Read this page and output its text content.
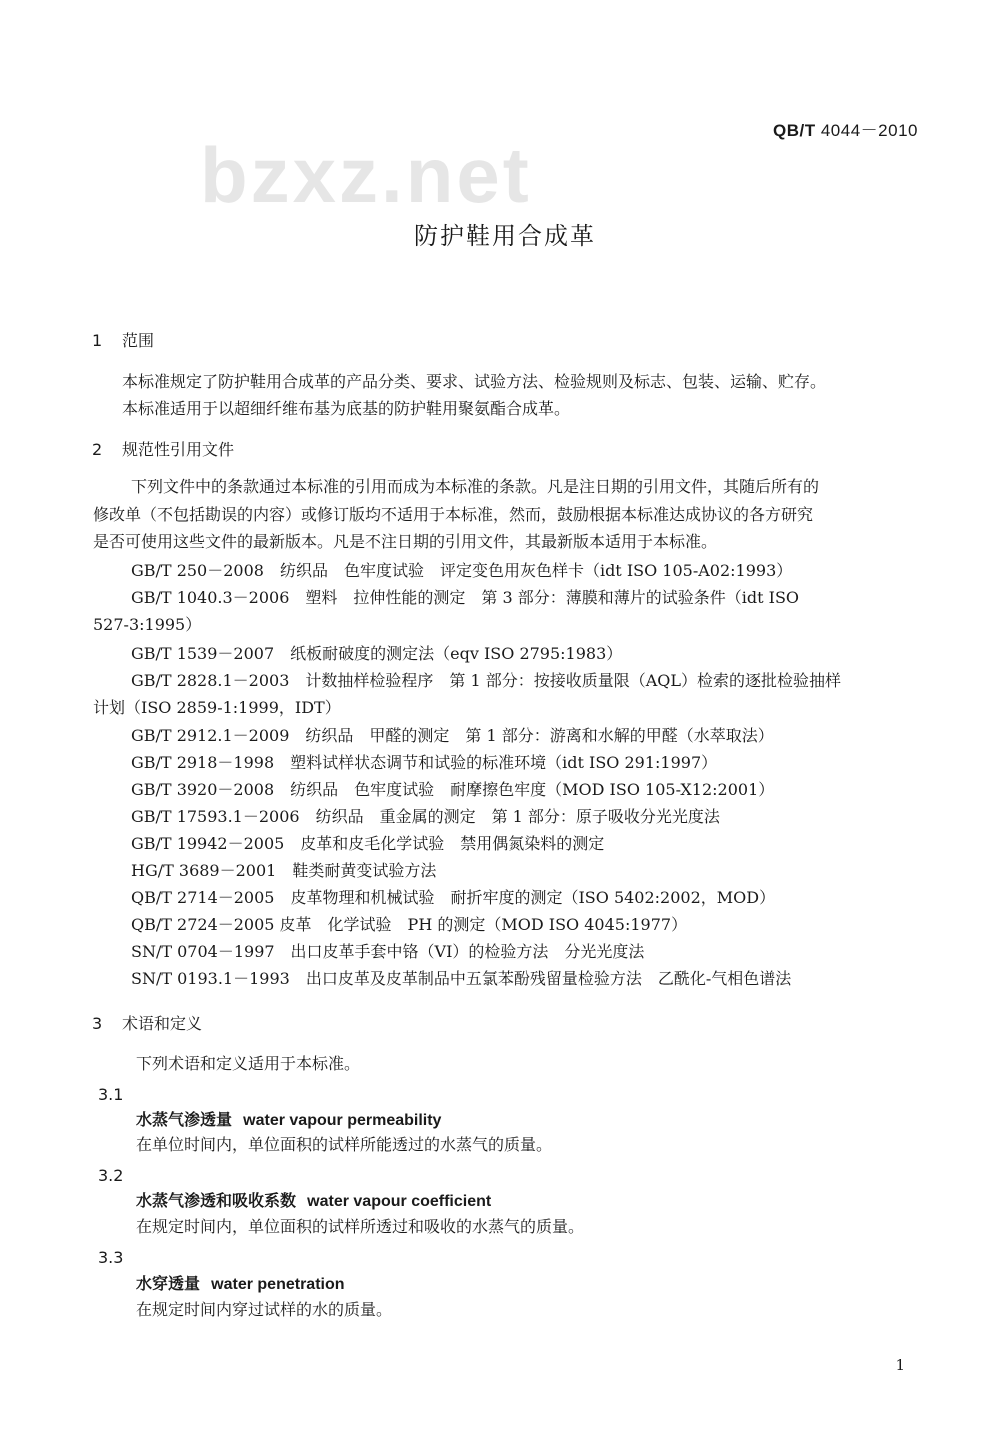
QB/T 4044－2010
bzxz.net
防护鞋用合成革
1 范围
本标准规定了防护鞋用合成革的产品分类、要求、试验方法、检验规则及标志、包装、运输、贮存。
本标准适用于以超细纤维布基为底基的防护鞋用聚氨酯合成革。
2 规范性引用文件
下列文件中的条款通过本标准的引用而成为本标准的条款。凡是注日期的引用文件，其随后所有的
修改单（不包括勘误的内容）或修订版均不适用于本标准，然而，鼓励根据本标准达成协议的各方研究
是否可使用这些文件的最新版本。凡是不注日期的引用文件，其最新版本适用于本标准。
GB/T 250－2008　纺织品　色牢度试验　评定变色用灰色样卡（idt ISO 105-A02:1993）
GB/T 1040.3－2006　塑料　拉伸性能的测定　第 3 部分：薄膜和薄片的试验条件（idt ISO
527-3:1995）
GB/T 1539－2007　纸板耐破度的测定法（eqv ISO 2795:1983）
GB/T 2828.1－2003　计数抽样检验程序　第 1 部分：按接收质量限（AQL）检索的逐批检验抽样
计划（ISO 2859-1:1999，IDT）
GB/T 2912.1－2009　纺织品　甲醛的测定　第 1 部分：游离和水解的甲醛（水萃取法）
GB/T 2918－1998　塑料试样状态调节和试验的标准环境（idt ISO 291:1997）
GB/T 3920－2008　纺织品　色牢度试验　耐摩擦色牢度（MOD ISO 105-X12:2001）
GB/T 17593.1－2006　纺织品　重金属的测定　第 1 部分：原子吸收分光光度法
GB/T 19942－2005　皮革和皮毛化学试验　禁用偶氮染料的测定
HG/T 3689－2001　鞋类耐黄变试验方法
QB/T 2714－2005　皮革物理和机械试验　耐折牢度的测定（ISO 5402:2002，MOD）
QB/T 2724－2005 皮革　化学试验　PH 的测定（MOD ISO 4045:1977）
SN/T 0704－1997　出口皮革手套中铬（VI）的检验方法　分光光度法
SN/T 0193.1－1993　出口皮革及皮革制品中五氯苯酚残留量检验方法　乙酰化-气相色谱法
3 术语和定义
下列术语和定义适用于本标准。
3.1
水蒸气渗透量 water vapour permeability
在单位时间内，单位面积的试样所能透过的水蒸气的质量。
3.2
水蒸气渗透和吸收系数 water vapour coefficient
在规定时间内，单位面积的试样所透过和吸收的水蒸气的质量。
3.3
水穿透量 water penetration
在规定时间内穿过试样的水的质量。
1
